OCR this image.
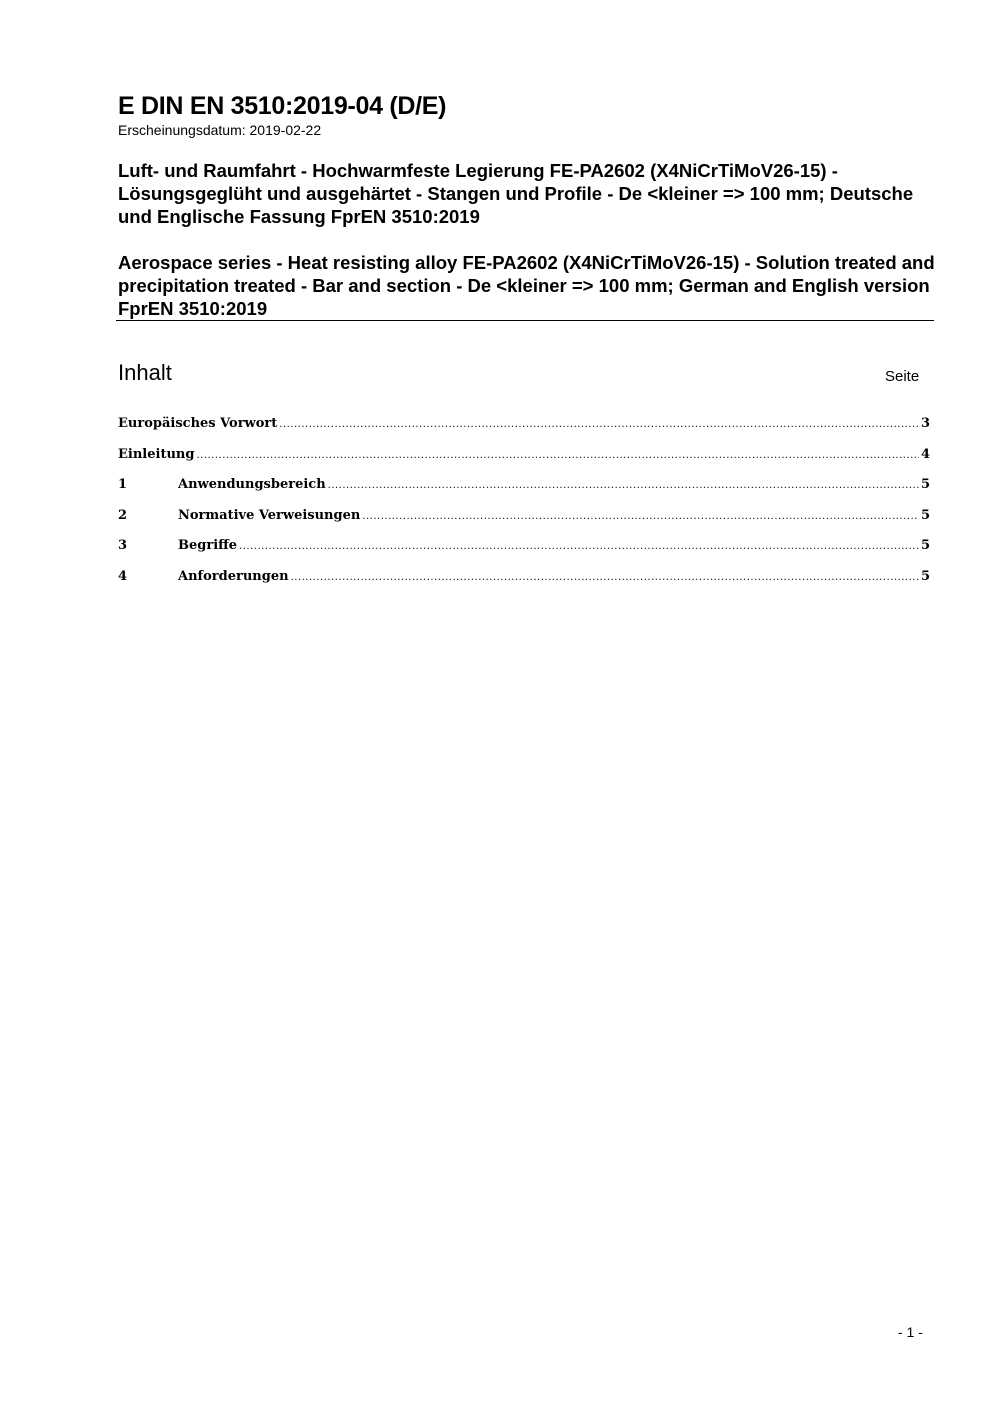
E DIN EN 3510:2019-04 (D/E)
Erscheinungsdatum: 2019-02-22

Luft- und Raumfahrt - Hochwarmfeste Legierung FE-PA2602 (X4NiCrTiMoV26-15) - Lösungsgeglüht und ausgehärtet - Stangen und Profile - De <kleiner => 100 mm; Deutsche und Englische Fassung FprEN 3510:2019

Aerospace series - Heat resisting alloy FE-PA2602 (X4NiCrTiMoV26-15) - Solution treated and precipitation treated - Bar and section - De <kleiner => 100 mm; German and English version FprEN 3510:2019

Inhalt	Seite
Europäisches Vorwort .....	3
Einleitung .....	4
1	Anwendungsbereich .....	5
2	Normative Verweisungen .....	5
3	Begriffe .....	5
4	Anforderungen .....	5
- 1 -
